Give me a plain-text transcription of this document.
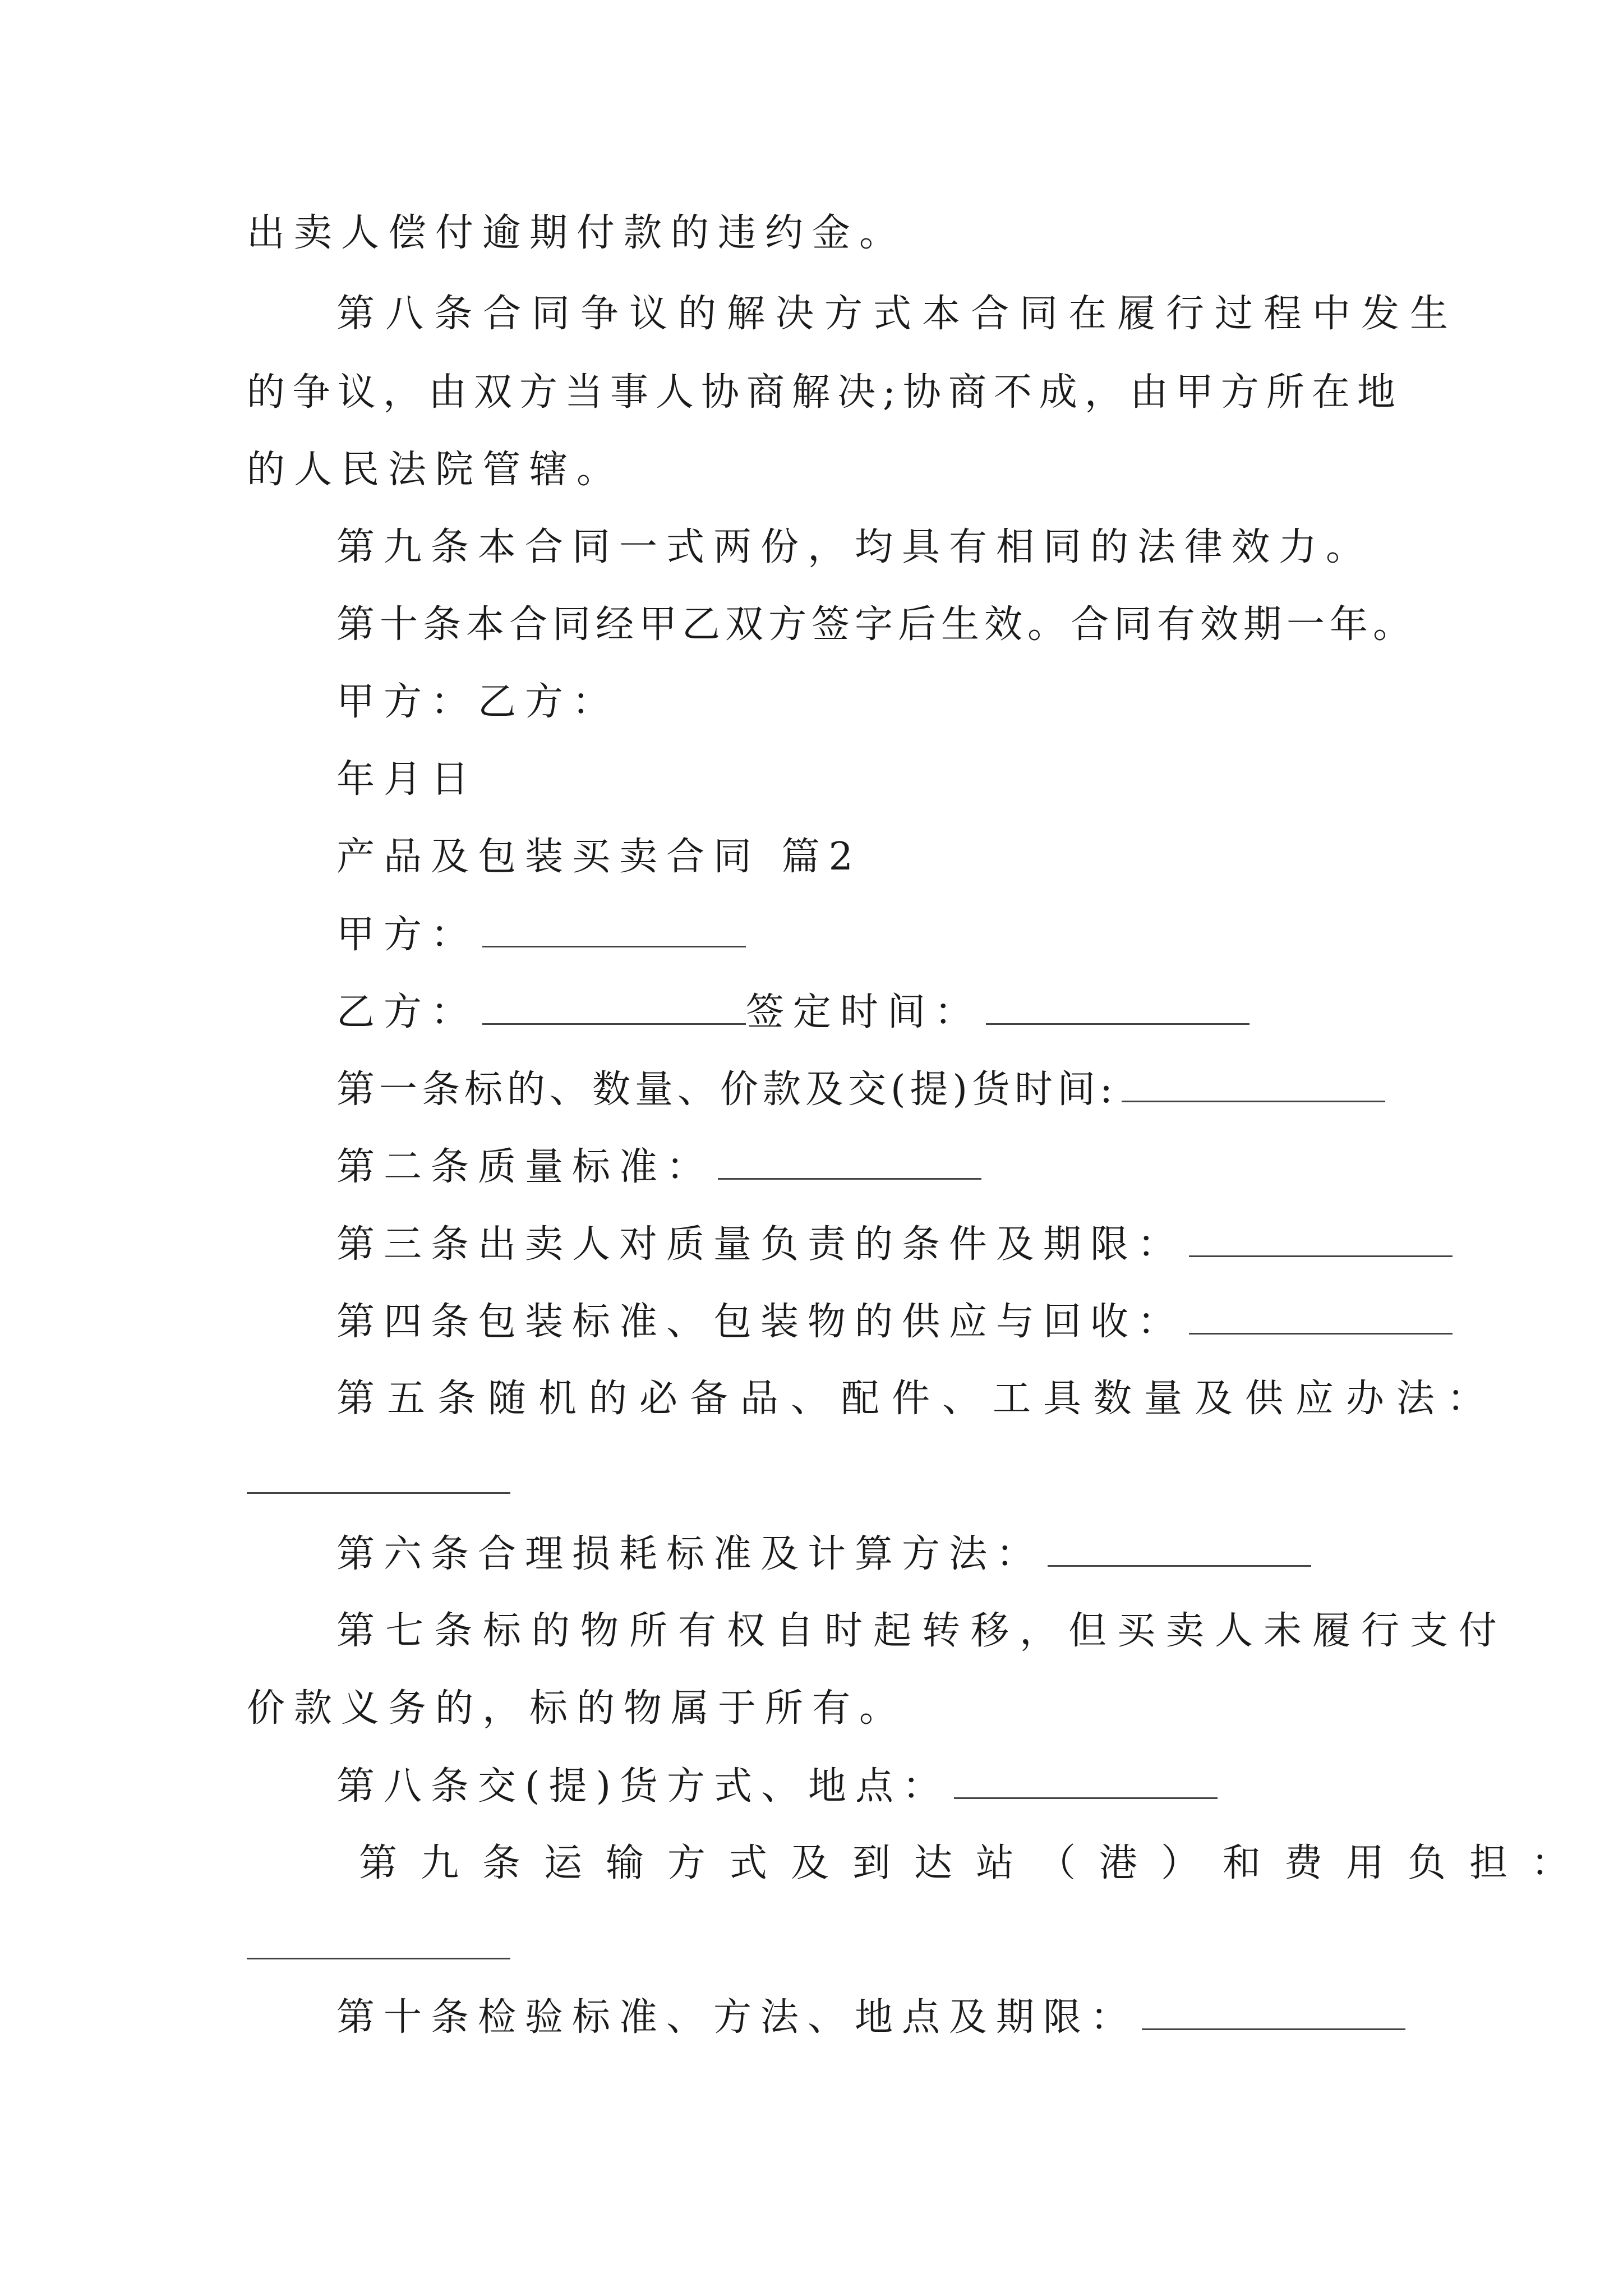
出卖人偿付逾期付款的违约金。
第八条合同争议的解决方式本合同在履行过程中发生
的争议，由双方当事人协商解决;协商不成，由甲方所在地
的人民法院管辖。
第九条本合同一式两份，均具有相同的法律效力。
第十条本合同经甲乙双方签字后生效。合同有效期一年。
甲方：乙方：
年月日
产品及包装买卖合同 篇2
甲方：
乙方：	签定时间：
第一条标的、数量、价款及交(提)货时间:
第二条质量标准：
第三条出卖人对质量负责的条件及期限：
第四条包装标准、包装物的供应与回收：
第五条随机的必备品、配件、工具数量及供应办法：
第六条合理损耗标准及计算方法：
第七条标的物所有权自时起转移，但买卖人未履行支付
价款义务的，标的物属于所有。
第八条交(提)货方式、地点：
第九条运输方式及到达站（港）和费用负担：
第十条检验标准、方法、地点及期限：
